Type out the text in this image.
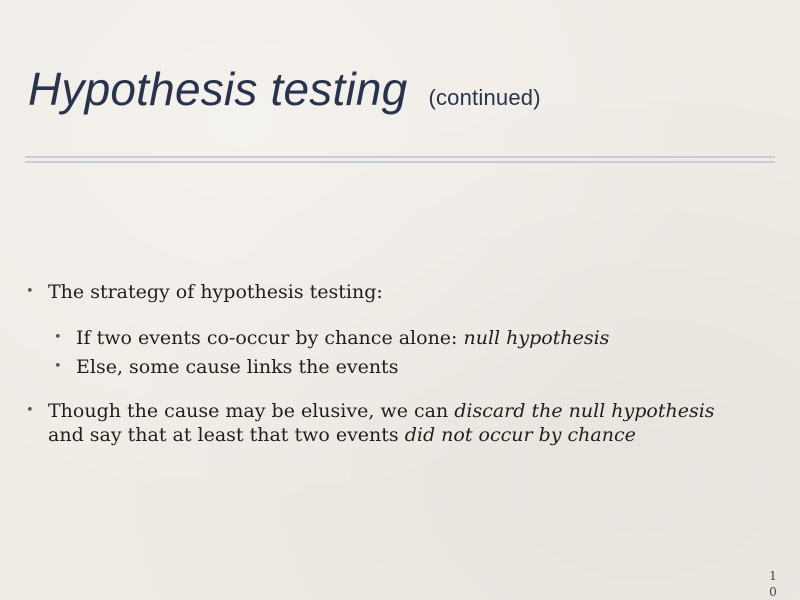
Hypothesis testing (continued)
• The strategy of hypothesis testing:
• If two events co-occur by chance alone: null hypothesis
• Else, some cause links the events
• Though the cause may be elusive, we can discard the null hypothesis and say that at least that two events did not occur by chance
1
0
